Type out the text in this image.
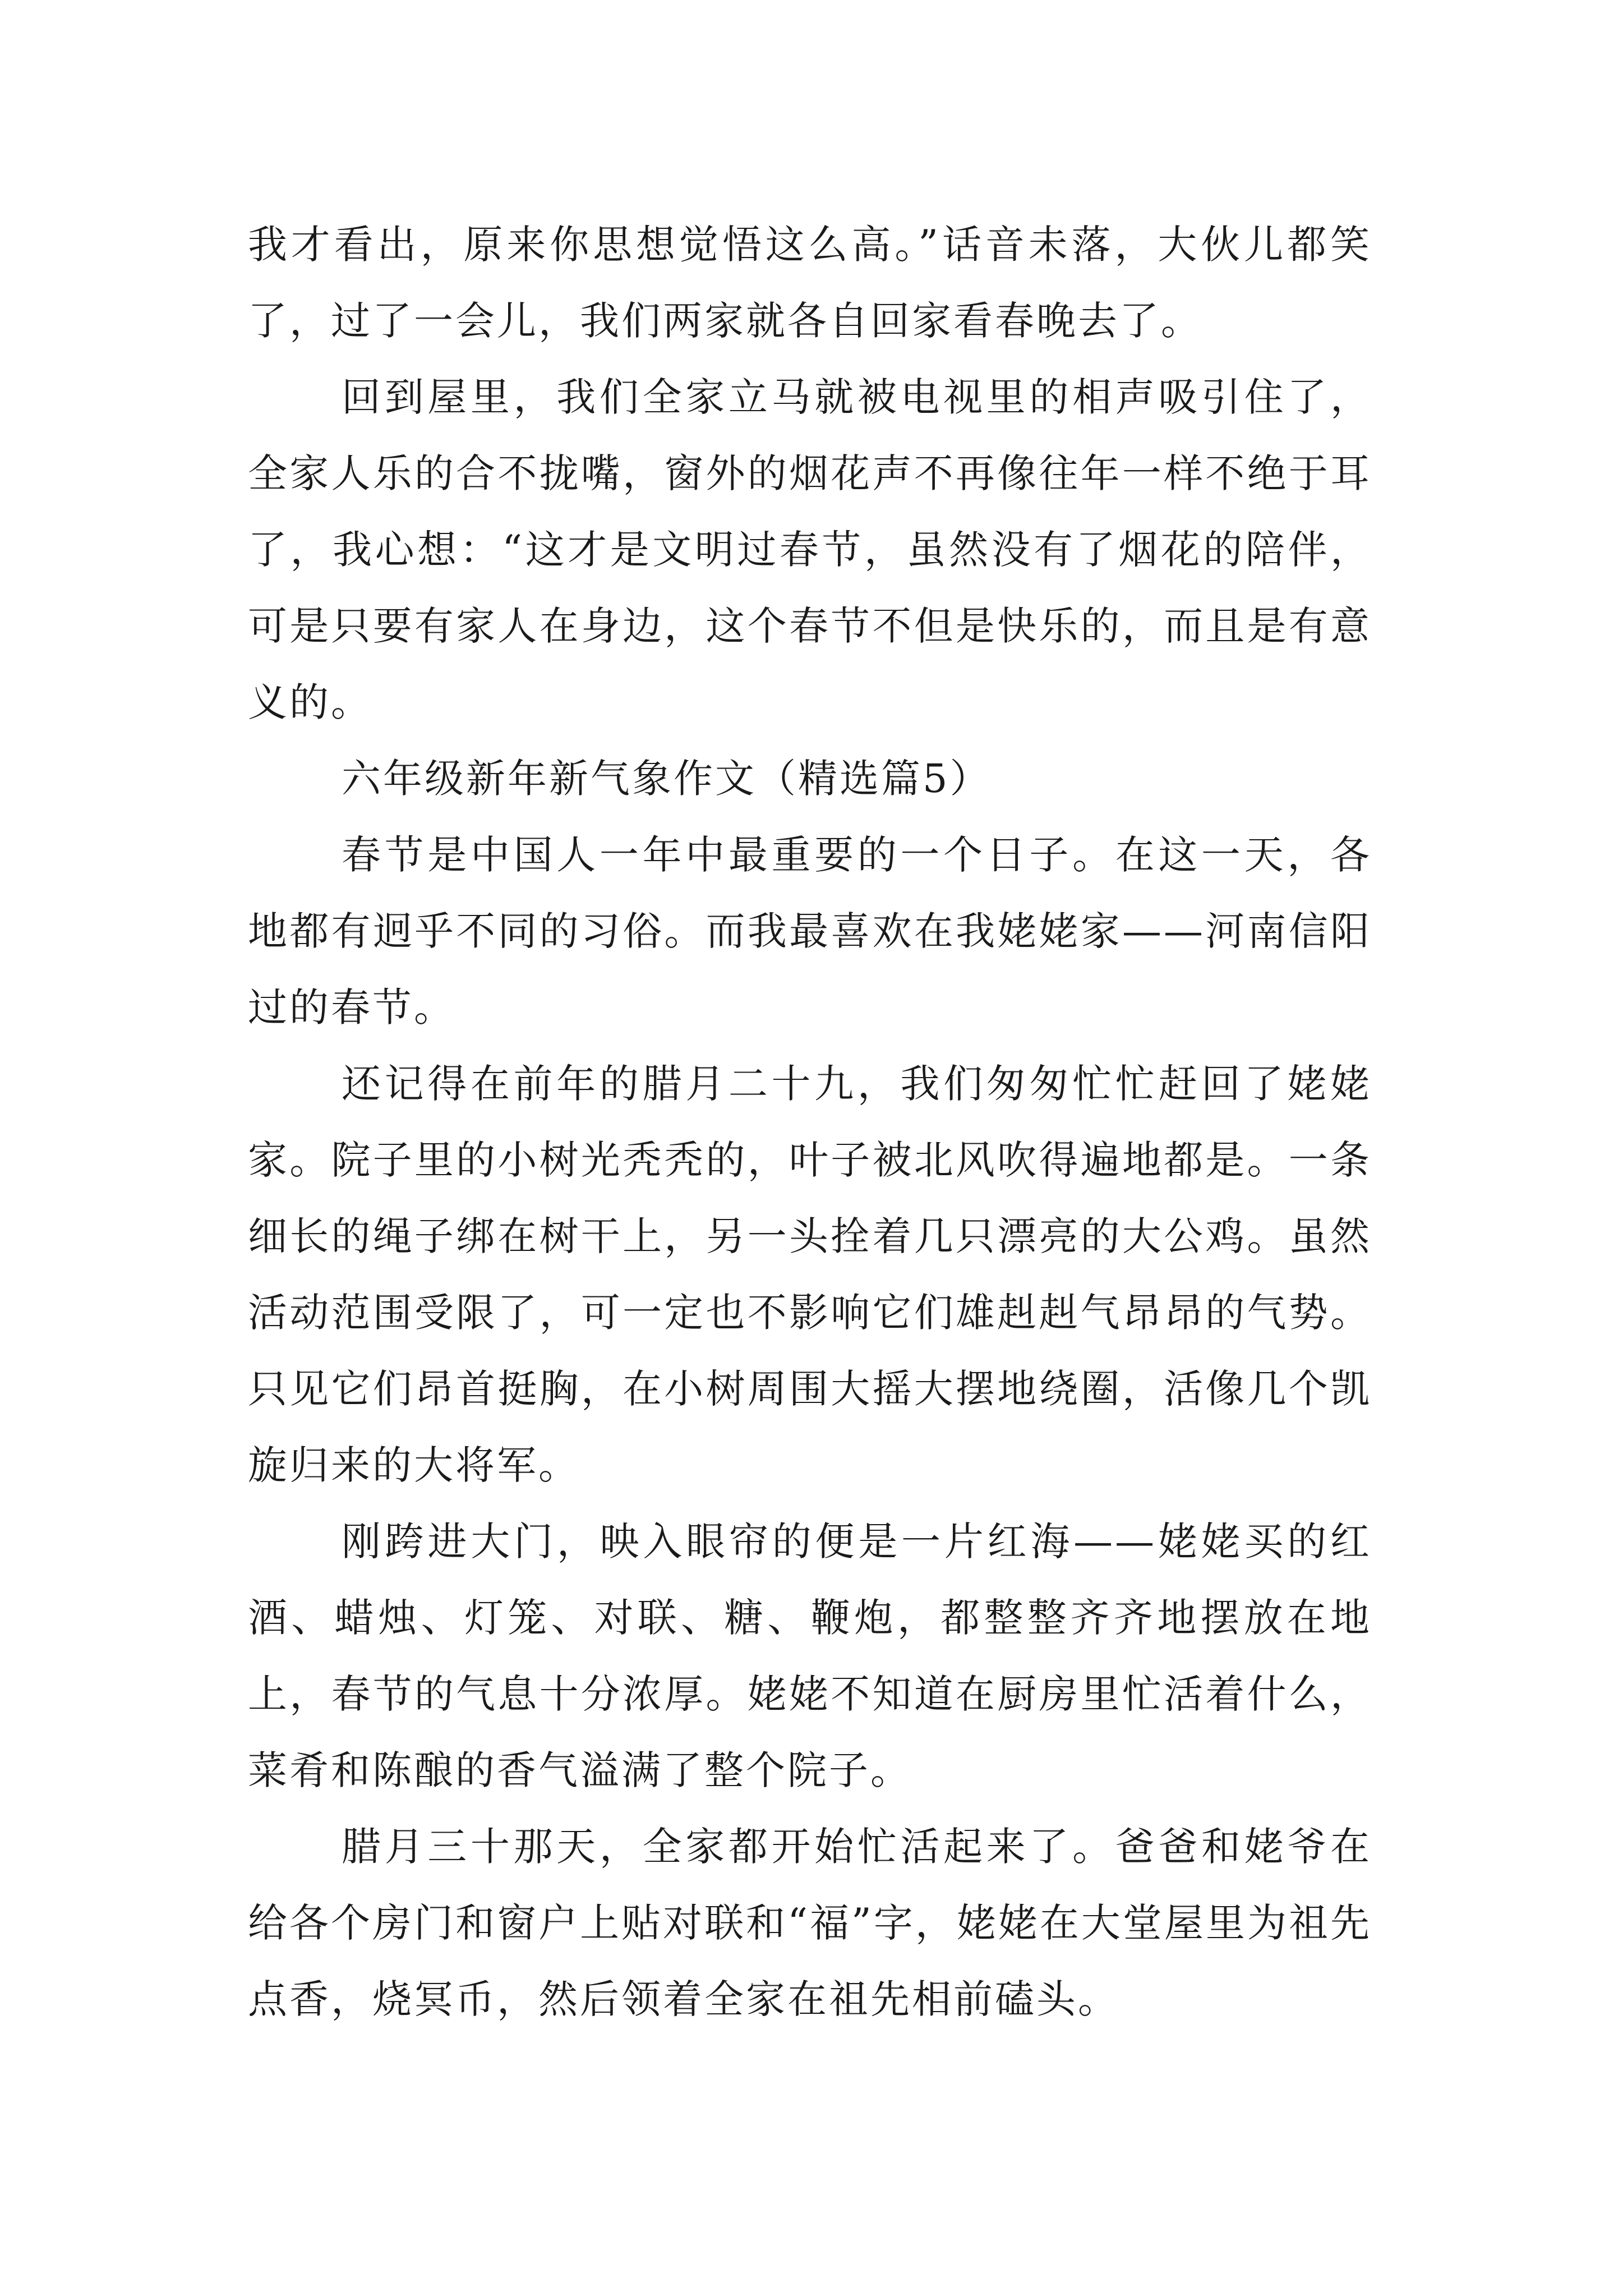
我才看出，原来你思想觉悟这么高。”话音未落，大伙儿都笑了，过了一会儿，我们两家就各自回家看春晚去了。

回到屋里，我们全家立马就被电视里的相声吸引住了，全家人乐的合不拢嘴，窗外的烟花声不再像往年一样不绝于耳了，我心想：“这才是文明过春节，虽然没有了烟花的陪伴，可是只要有家人在身边，这个春节不但是快乐的，而且是有意义的。

六年级新年新气象作文（精选篇5）

春节是中国人一年中最重要的一个日子。在这一天，各地都有迥乎不同的习俗。而我最喜欢在我姥姥家——河南信阳过的春节。

还记得在前年的腊月二十九，我们匆匆忙忙赶回了姥姥家。院子里的小树光秃秃的，叶子被北风吹得遍地都是。一条细长的绳子绑在树干上，另一头拴着几只漂亮的大公鸡。虽然活动范围受限了，可一定也不影响它们雄赳赳气昂昂的气势。只见它们昂首挺胸，在小树周围大摇大摆地绕圈，活像几个凯旋归来的大将军。

刚跨进大门，映入眼帘的便是一片红海——姥姥买的红酒、蜡烛、灯笼、对联、糖、鞭炮，都整整齐齐地摆放在地上，春节的气息十分浓厚。姥姥不知道在厨房里忙活着什么，菜肴和陈酿的香气溢满了整个院子。

腊月三十那天，全家都开始忙活起来了。爸爸和姥爷在给各个房门和窗户上贴对联和“福”字，姥姥在大堂屋里为祖先点香，烧冥币，然后领着全家在祖先相前磕头。
